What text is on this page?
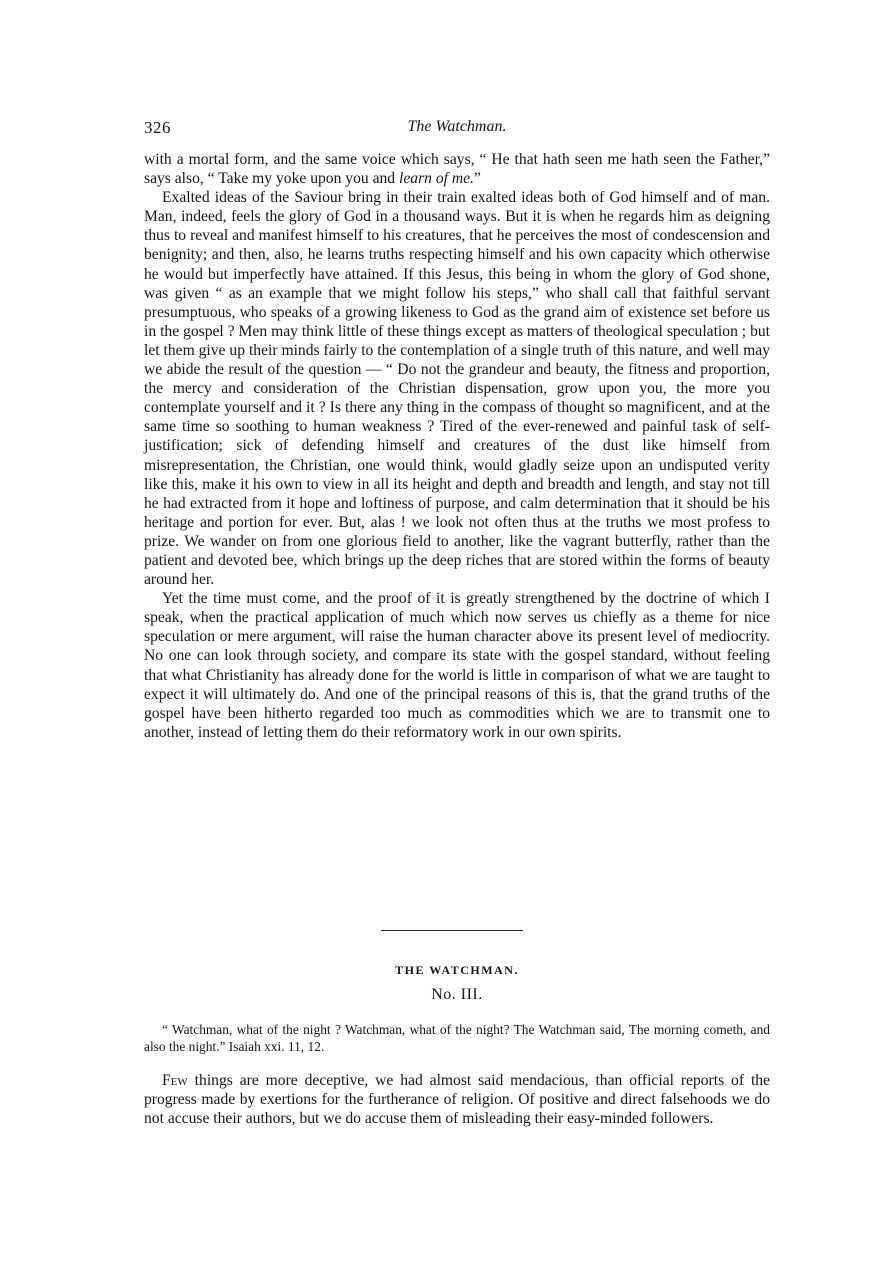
326	The Watchman.

with a mortal form, and the same voice which says, “ He that hath seen me hath seen the Father,” says also, “ Take my yoke upon you and learn of me.”

Exalted ideas of the Saviour bring in their train exalted ideas both of God himself and of man. Man, indeed, feels the glory of God in a thousand ways. But it is when he regards him as deigning thus to reveal and manifest himself to his creatures, that he perceives the most of condescension and benignity; and then, also, he learns truths respecting himself and his own capacity which otherwise he would but imperfectly have attained. If this Jesus, this being in whom the glory of God shone, was given “ as an example that we might follow his steps,” who shall call that faithful servant presumptuous, who speaks of a growing likeness to God as the grand aim of existence set before us in the gospel ? Men may think little of these things except as matters of theological speculation ; but let them give up their minds fairly to the contemplation of a single truth of this nature, and well may we abide the result of the question — “ Do not the grandeur and beauty, the fitness and proportion, the mercy and consideration of the Christian dispensation, grow upon you, the more you contemplate yourself and it ? Is there any thing in the compass of thought so magnificent, and at the same time so soothing to human weakness ? Tired of the ever-renewed and painful task of self-justification; sick of defending himself and creatures of the dust like himself from misrepresentation, the Christian, one would think, would gladly seize upon an undisputed verity like this, make it his own to view in all its height and depth and breadth and length, and stay not till he had extracted from it hope and loftiness of purpose, and calm determination that it should be his heritage and portion for ever. But, alas ! we look not often thus at the truths we most profess to prize. We wander on from one glorious field to another, like the vagrant butterfly, rather than the patient and devoted bee, which brings up the deep riches that are stored within the forms of beauty around her.

Yet the time must come, and the proof of it is greatly strengthened by the doctrine of which I speak, when the practical application of much which now serves us chiefly as a theme for nice speculation or mere argument, will raise the human character above its present level of mediocrity. No one can look through society, and compare its state with the gospel standard, without feeling that what Christianity has already done for the world is little in comparison of what we are taught to expect it will ultimately do. And one of the principal reasons of this is, that the grand truths of the gospel have been hitherto regarded too much as commodities which we are to transmit one to another, instead of letting them do their reformatory work in our own spirits.

THE WATCHMAN.
No. III.

“ Watchman, what of the night ? Watchman, what of the night? The Watchman said, The morning cometh, and also the night.” Isaiah xxi. 11, 12.

Few things are more deceptive, we had almost said mendacious, than official reports of the progress made by exertions for the furtherance of religion. Of positive and direct falsehoods we do not accuse their authors, but we do accuse them of misleading their easy-minded followers.
